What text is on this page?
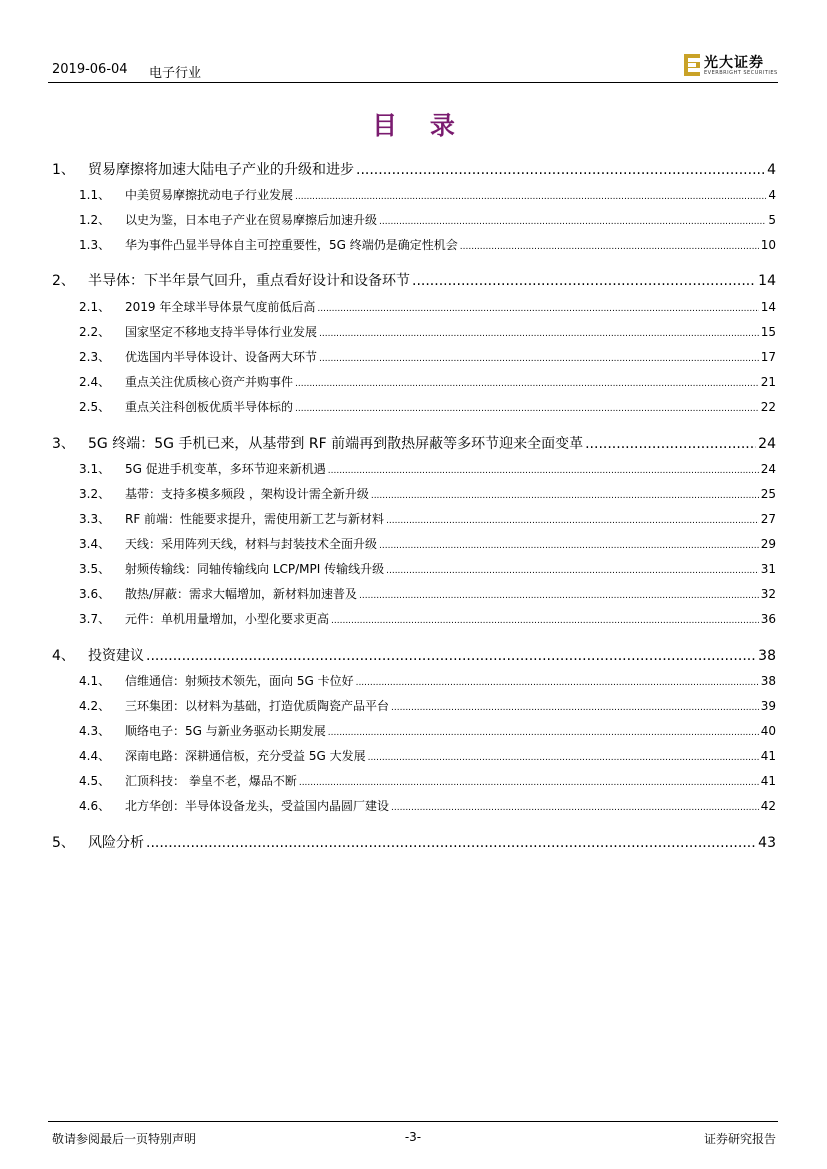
2019-06-04 电子行业
光大证券
EVERBRIGHT SECURITIES
目 录
1、 贸易摩擦将加速大陆电子产业的升级和进步 .....	4
1.1、	中美贸易摩擦扰动电子行业发展 .....	4
1.2、	以史为鉴，日本电子产业在贸易摩擦后加速升级 .....	5
1.3、	华为事件凸显半导体自主可控重要性，5G 终端仍是确定性机会 .....	10
2、 半导体：下半年景气回升，重点看好设计和设备环节 .....	14
2.1、	2019 年全球半导体景气度前低后高 .....	14
2.2、	国家坚定不移地支持半导体行业发展 .....	15
2.3、	优选国内半导体设计、设备两大环节 .....	17
2.4、	重点关注优质核心资产并购事件 .....	21
2.5、	重点关注科创板优质半导体标的 .....	22
3、 5G 终端：5G 手机已来，从基带到 RF 前端再到散热屏蔽等多环节迎来全面变革 .....	24
3.1、	5G 促进手机变革，多环节迎来新机遇 .....	24
3.2、	基带：支持多模多频段 ，架构设计需全新升级 .....	25
3.3、	RF 前端：性能要求提升，需使用新工艺与新材料 .....	27
3.4、	天线：采用阵列天线，材料与封装技术全面升级 .....	29
3.5、	射频传输线：同轴传输线向 LCP/MPI 传输线升级 .....	31
3.6、	散热/屏蔽：需求大幅增加，新材料加速普及 .....	32
3.7、	元件：单机用量增加，小型化要求更高 .....	36
4、 投资建议 .....	38
4.1、	信维通信：射频技术领先，面向 5G 卡位好 .....	38
4.2、	三环集团：以材料为基础，打造优质陶瓷产品平台 .....	39
4.3、	顺络电子：5G 与新业务驱动长期发展 .....	40
4.4、	深南电路：深耕通信板，充分受益 5G 大发展 .....	41
4.5、	汇顶科技： 拳皇不老，爆品不断 .....	41
4.6、	北方华创：半导体设备龙头，受益国内晶圆厂建设 .....	42
5、 风险分析 .....	43
敬请参阅最后一页特别声明	-3-	证券研究报告
